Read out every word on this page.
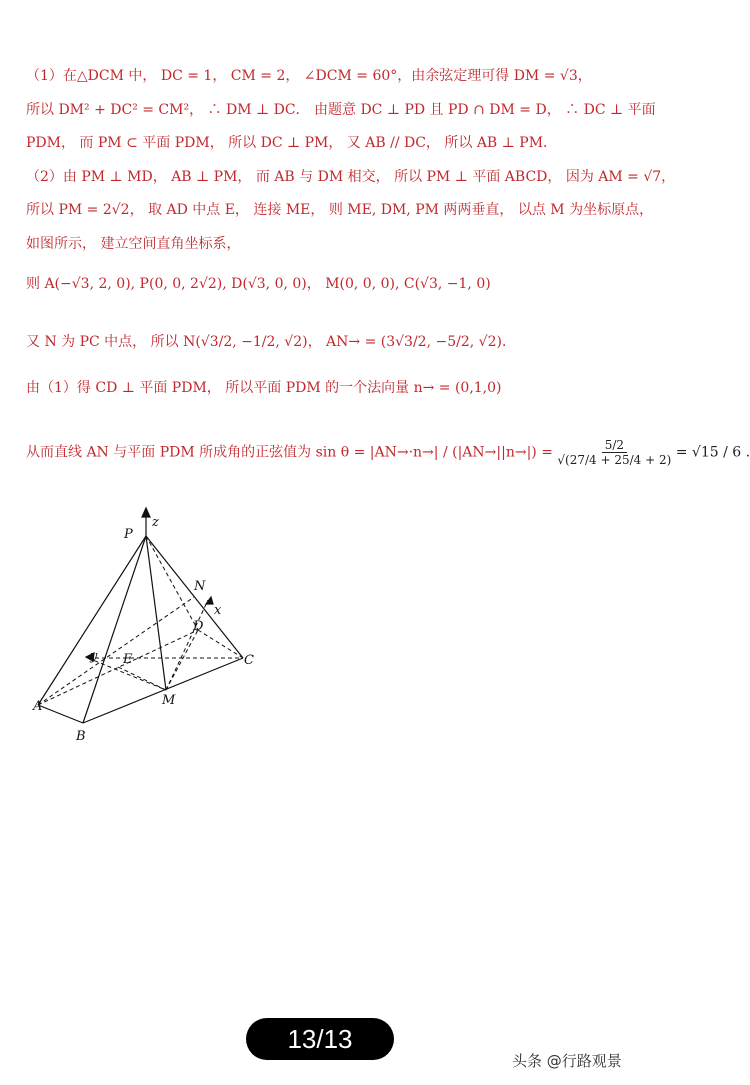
（1）在△DCM 中， DC = 1， CM = 2， ∠DCM = 60°，由余弦定理可得 DM = √3，
所以 DM² + DC² = CM²， ∴ DM ⊥ DC． 由题意 DC ⊥ PD 且 PD ∩ DM = D， ∴ DC ⊥ 平面
PDM， 而 PM ⊂ 平面 PDM， 所以 DC ⊥ PM， 又 AB // DC， 所以 AB ⊥ PM．
（2）由 PM ⊥ MD， AB ⊥ PM， 而 AB 与 DM 相交， 所以 PM ⊥ 平面 ABCD， 因为 AM = √7，
所以 PM = 2√2， 取 AD 中点 E， 连接 ME， 则 ME, DM, PM 两两垂直， 以点 M 为坐标原点，
如图所示， 建立空间直角坐标系，
则 A(−√3, 2, 0), P(0, 0, 2√2), D(√3, 0, 0)， M(0, 0, 0), C(√3, −1, 0)
又 N 为 PC 中点， 所以 N(√3/2, −1/2, √2)， AN→ = (3√3/2, −5/2, √2)．
由（1）得 CD ⊥ 平面 PDM， 所以平面 PDM 的一个法向量 n→ = (0,1,0)
从而直线 AN 与平面 PDM 所成角的正弦值为 $\sin \theta = |AN\to\cdot n\to| / (|AN\to||n\to|) = \frac{5/2}{√(27/4 + 25/4 + 2)} = √15 / 6$ .
P
z
N
x
D
y E	C
A	M
B
13/13
头条 @行路观景
